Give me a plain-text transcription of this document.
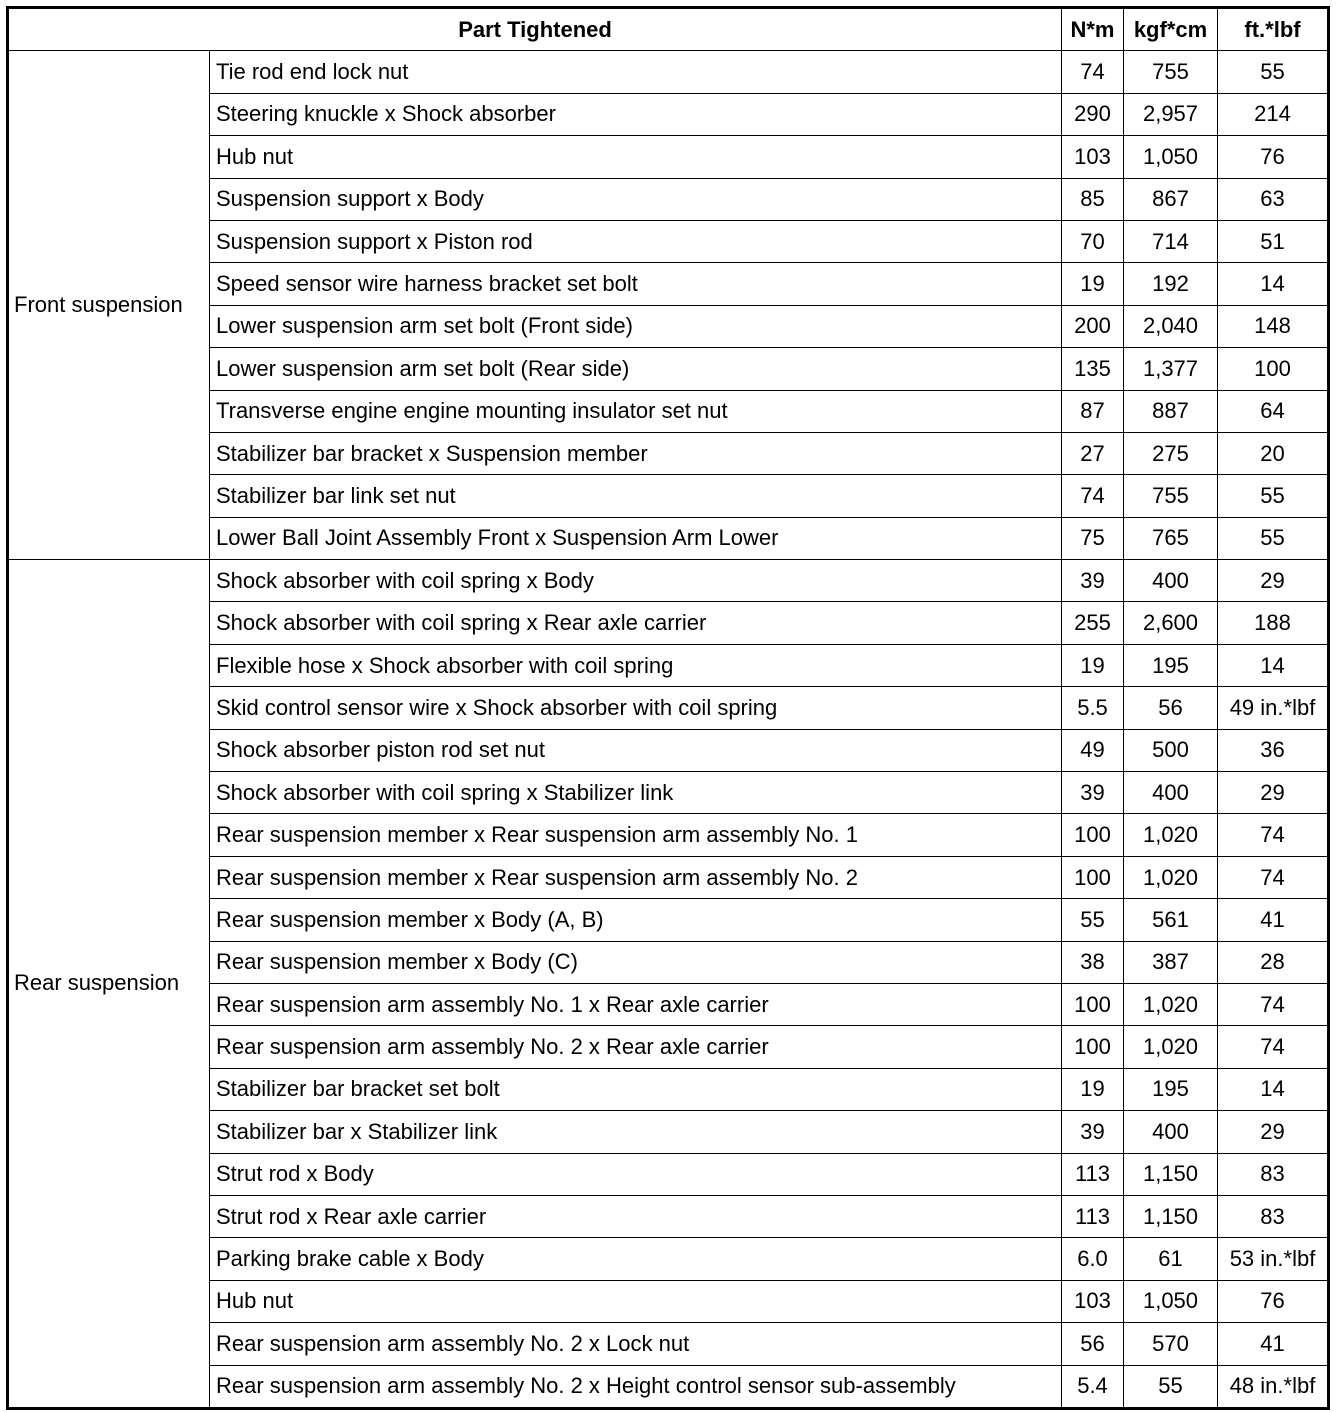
Part Tightened		N*m	kgf*cm	ft.*lbf
Front suspension	Tie rod end lock nut	74	755	55
	Steering knuckle x Shock absorber	290	2,957	214
	Hub nut	103	1,050	76
	Suspension support x Body	85	867	63
	Suspension support x Piston rod	70	714	51
	Speed sensor wire harness bracket set bolt	19	192	14
	Lower suspension arm set bolt (Front side)	200	2,040	148
	Lower suspension arm set bolt (Rear side)	135	1,377	100
	Transverse engine engine mounting insulator set nut	87	887	64
	Stabilizer bar bracket x Suspension member	27	275	20
	Stabilizer bar link set nut	74	755	55
	Lower Ball Joint Assembly Front x Suspension Arm Lower	75	765	55
Rear suspension	Shock absorber with coil spring x Body	39	400	29
	Shock absorber with coil spring x Rear axle carrier	255	2,600	188
	Flexible hose x Shock absorber with coil spring	19	195	14
	Skid control sensor wire x Shock absorber with coil spring	5.5	56	49 in.*lbf
	Shock absorber piston rod set nut	49	500	36
	Shock absorber with coil spring x Stabilizer link	39	400	29
	Rear suspension member x Rear suspension arm assembly No. 1	100	1,020	74
	Rear suspension member x Rear suspension arm assembly No. 2	100	1,020	74
	Rear suspension member x Body (A, B)	55	561	41
	Rear suspension member x Body (C)	38	387	28
	Rear suspension arm assembly No. 1 x Rear axle carrier	100	1,020	74
	Rear suspension arm assembly No. 2 x Rear axle carrier	100	1,020	74
	Stabilizer bar bracket set bolt	19	195	14
	Stabilizer bar x Stabilizer link	39	400	29
	Strut rod x Body	113	1,150	83
	Strut rod x Rear axle carrier	113	1,150	83
	Parking brake cable x Body	6.0	61	53 in.*lbf
	Hub nut	103	1,050	76
	Rear suspension arm assembly No. 2 x Lock nut	56	570	41
	Rear suspension arm assembly No. 2 x Height control sensor sub-assembly	5.4	55	48 in.*lbf
